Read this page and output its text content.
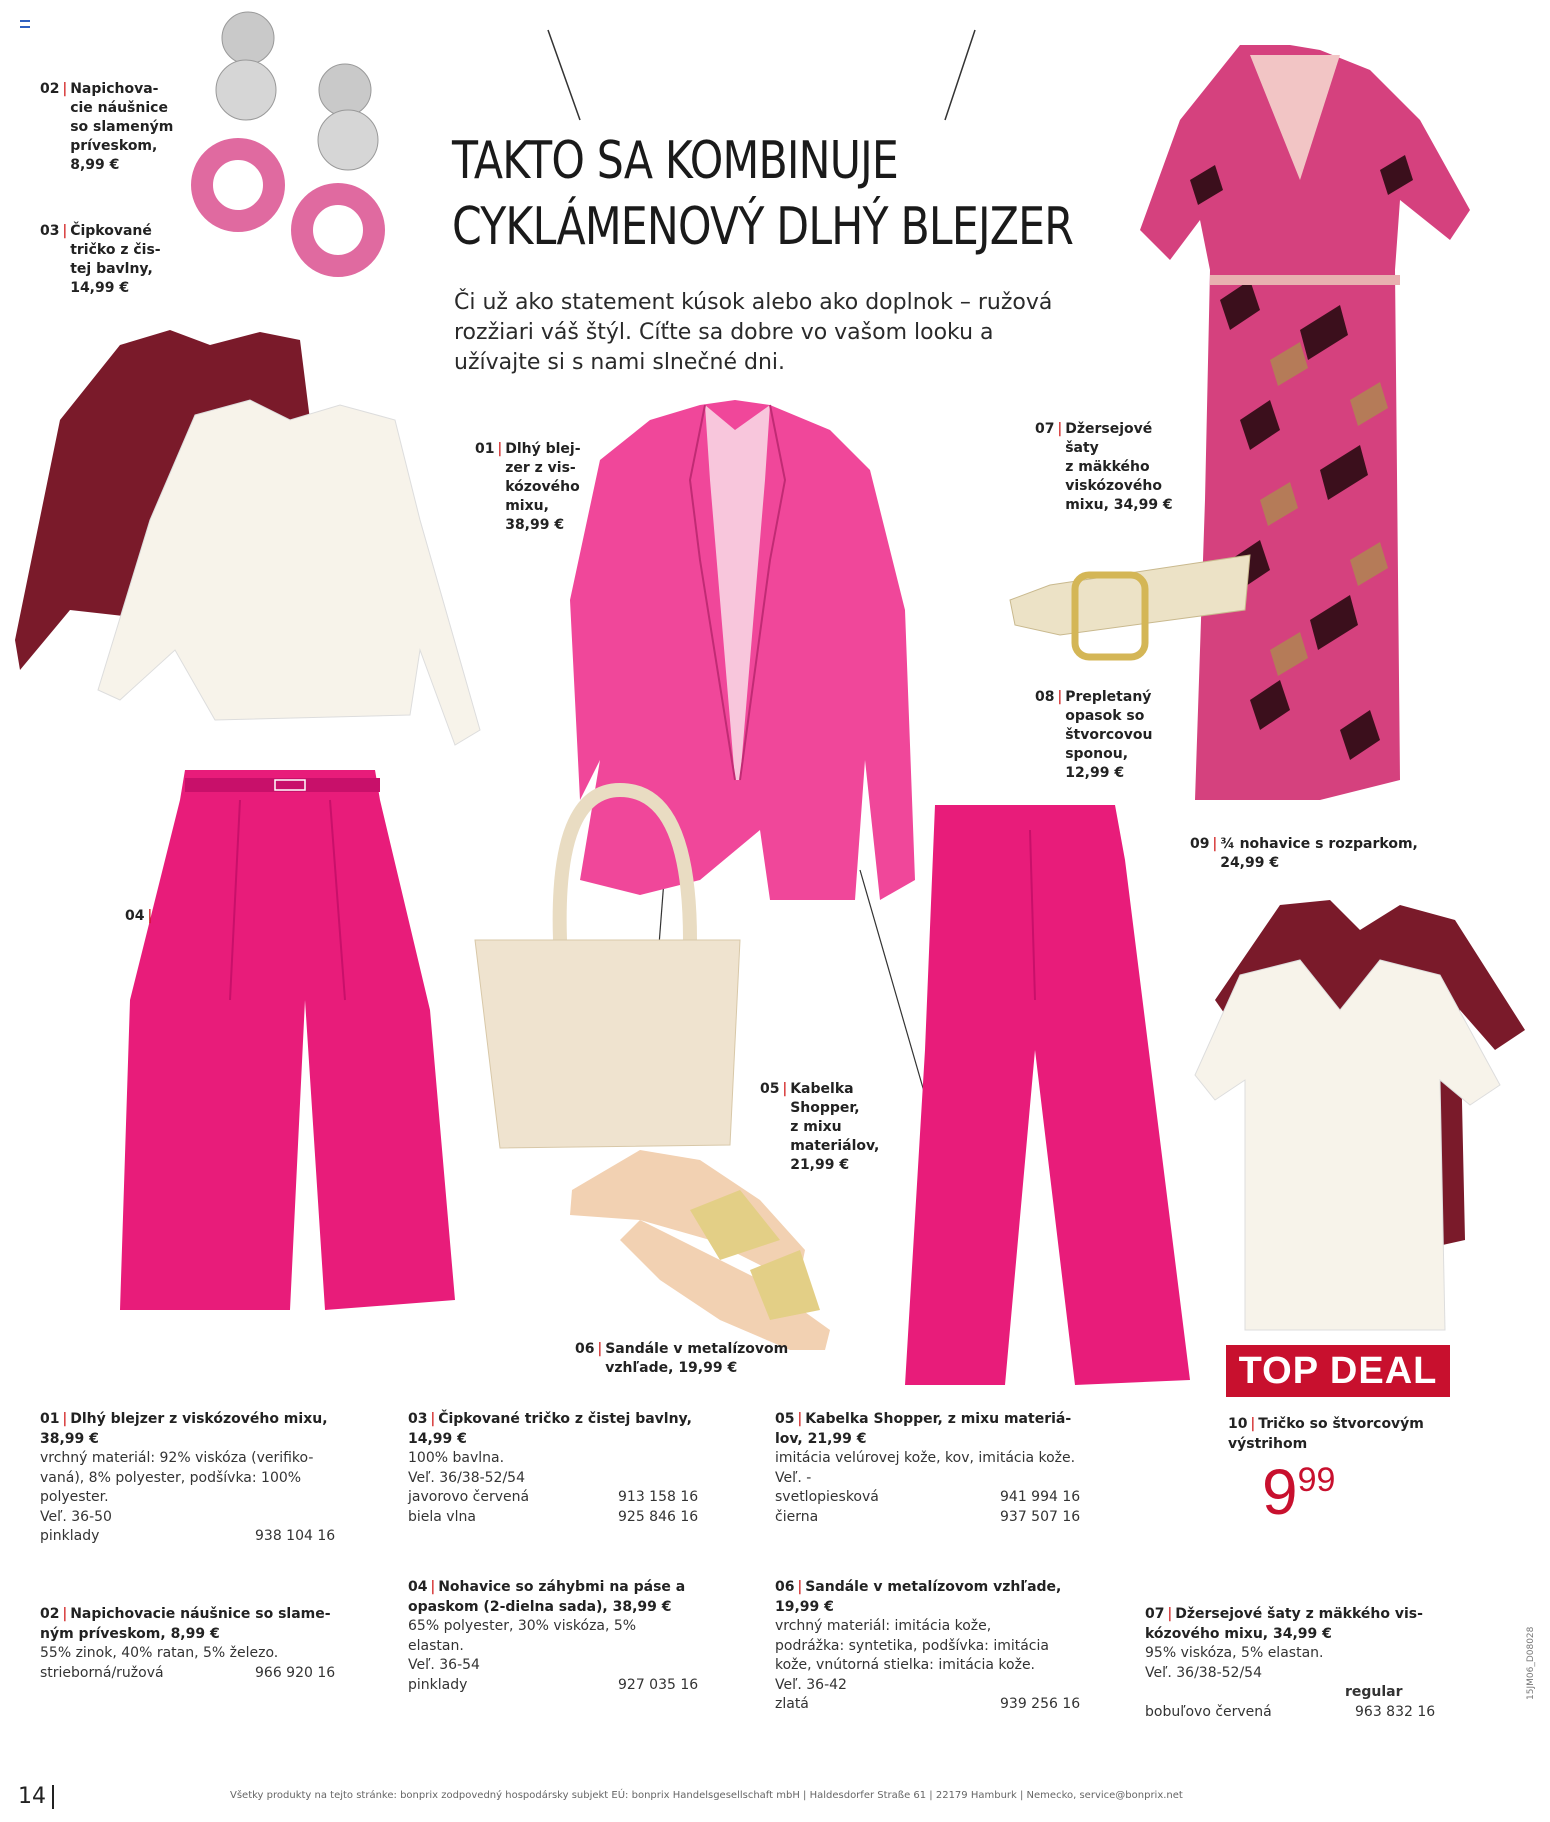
TAKTO SA KOMBINUJE
CYKLÁMENOVÝ DLHÝ BLEJZER
Či už ako statement kúsok alebo ako doplnok – ružová rozžiari váš štýl. Cíťte sa dobre vo vašom looku a užívajte si s nami slnečné dni.
02 | Napichova-
cie náušnice
so slameným
prívеskom,
8,99 €
03 | Čipkované
tričko z čis-
tej bavlny,
14,99 €
01 | Dlhý blej-
zer z vis-
kózového
mixu,
38,99 €
07 | Džersejové
šaty
z mäkkého
viskózového
mixu, 34,99 €
08 | Prepletaný
opasok so
štvorcovou
sponou,
12,99 €
09 | ¾ nohavice s rozparkom,
24,99 €
04 |
05 | Kabelka
Shopper,
z mixu
materiálov,
21,99 €
06 | Sandále v metalízovom
vzhľade, 19,99 €	TOP DEAL
10 | Tričko so štvorcovým
výstrihom
999
01 | Dlhý blejzer z viskózového mixu,
38,99 €
vrchný materiál: 92% viskóza (verifiko-
vaná), 8% polyester, podšívka: 100%
polyester.
Veľ. 36-50
pinklady	938 104 16
02 | Napichovacie náušnice so slame-
ným prívеskom, 8,99 €
55% zinok, 40% ratan, 5% železo.
strieborná/ružová	966 920 16
03 | Čipkované tričko z čistej bavlny,
14,99 €
100% bavlna.
Veľ. 36/38-52/54
javorovo červená	913 158 16
biela vlna	925 846 16
04 | Nohavice so záhybmi na páse a
opaskom (2-dielna sada), 38,99 €
65% polyester, 30% viskóza, 5%
elastan.
Veľ. 36-54
pinklady	927 035 16
05 | Kabelka Shopper, z mixu materiá-
lov, 21,99 €
imitácia velúrovej kože, kov, imitácia kože.
Veľ. -
svetlopiesková	941 994 16
čierna	937 507 16
06 | Sandále v metalízovom vzhľade,
19,99 €
vrchný materiál: imitácia kože,
podrážka: syntetika, podšívka: imitácia
kože, vnútorná stielka: imitácia kože.
Veľ. 36-42
zlatá	939 256 16
07 | Džersejové šaty z mäkkého vis-
kózového mixu, 34,99 €
95% viskóza, 5% elastan.
Veľ. 36/38-52/54
regular
bobuľovo červená	963 832 16
14	Všetky produkty na tejto stránke: bonprix zodpovedný hospodársky subjekt EÚ: bonprix Handelsgesellschaft mbH | Haldesdorfer Straße 61 | 22179 Hamburk | Nemecko, service@bonprix.net
15JM06_D08028
